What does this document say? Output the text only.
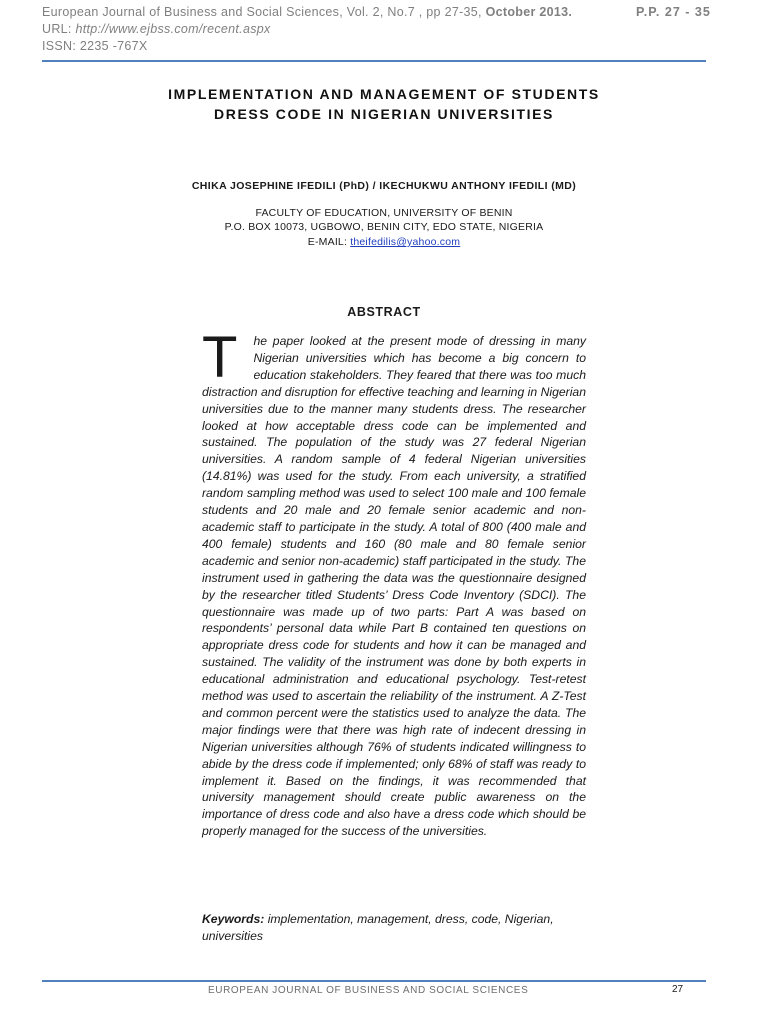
European Journal of Business and Social Sciences, Vol. 2, No.7 , pp 27-35, October 2013.	P.P. 27 - 35
URL: http://www.ejbss.com/recent.aspx
ISSN: 2235 -767X
IMPLEMENTATION AND MANAGEMENT OF STUDENTS
DRESS CODE IN NIGERIAN UNIVERSITIES
CHIKA JOSEPHINE IFEDILI (PhD) / IKECHUKWU ANTHONY IFEDILI (MD)
FACULTY OF EDUCATION, UNIVERSITY OF BENIN
P.O. BOX 10073, UGBOWO, BENIN CITY, EDO STATE, NIGERIA
E-MAIL: theifedilis@yahoo.com
ABSTRACT
T he paper looked at the present mode of dressing in many Nigerian universities which has become a big concern to education stakeholders. They feared that there was too much distraction and disruption for effective teaching and learning in Nigerian universities due to the manner many students dress. The researcher looked at how acceptable dress code can be implemented and sustained. The population of the study was 27 federal Nigerian universities. A random sample of 4 federal Nigerian universities (14.81%) was used for the study. From each university, a stratified random sampling method was used to select 100 male and 100 female students and 20 male and 20 female senior academic and non-academic staff to participate in the study. A total of 800 (400 male and 400 female) students and 160 (80 male and 80 female senior academic and senior non-academic) staff participated in the study. The instrument used in gathering the data was the questionnaire designed by the researcher titled Students’ Dress Code Inventory (SDCI). The questionnaire was made up of two parts: Part A was based on respondents’ personal data while Part B contained ten questions on appropriate dress code for students and how it can be managed and sustained. The validity of the instrument was done by both experts in educational administration and educational psychology. Test-retest method was used to ascertain the reliability of the instrument. A Z-Test and common percent were the statistics used to analyze the data. The major findings were that there was high rate of indecent dressing in Nigerian universities although 76% of students indicated willingness to abide by the dress code if implemented; only 68% of staff was ready to implement it. Based on the findings, it was recommended that university management should create public awareness on the importance of dress code and also have a dress code which should be properly managed for the success of the universities.
Keywords: implementation, management, dress, code, Nigerian, universities
EUROPEAN JOURNAL OF BUSINESS AND SOCIAL SCIENCES	27
